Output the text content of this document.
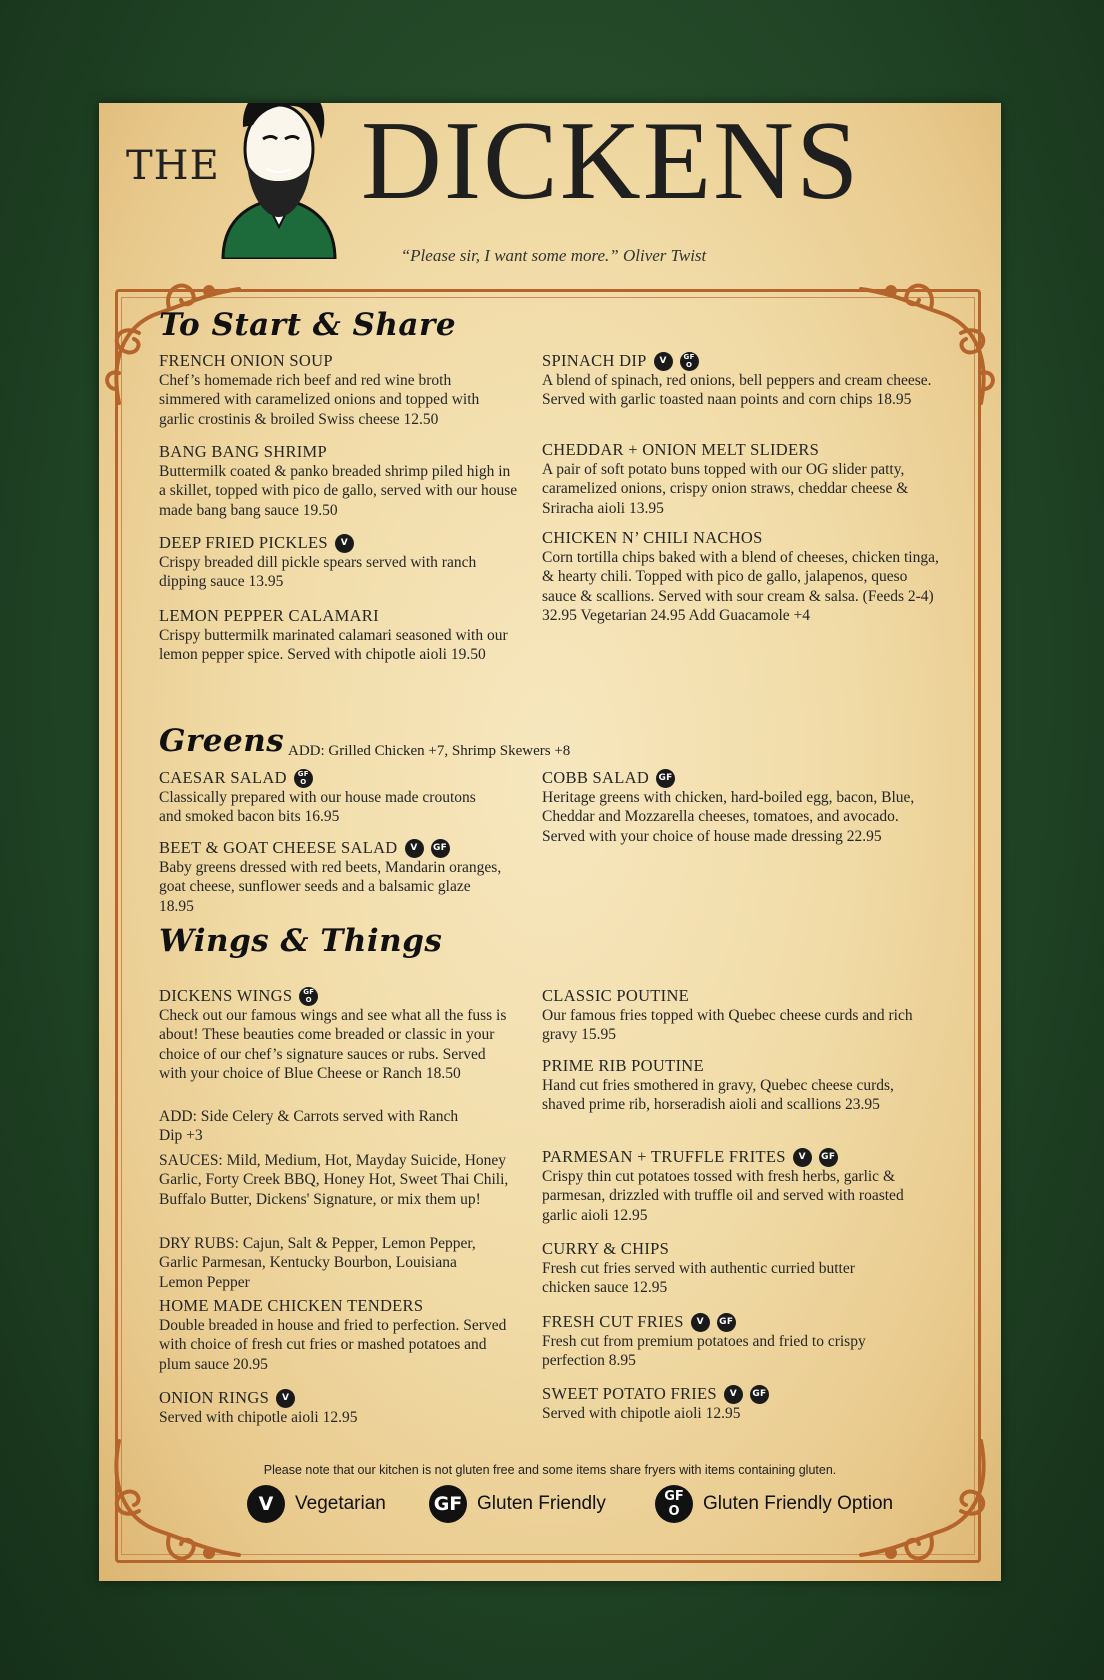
THE DICKENS
“Please sir, I want some more.” Oliver Twist
To Start & Share
FRENCH ONION SOUP
Chef’s homemade rich beef and red wine broth simmered with caramelized onions and topped with garlic crostinis & broiled Swiss cheese 12.50
BANG BANG SHRIMP
Buttermilk coated & panko breaded shrimp piled high in a skillet, topped with pico de gallo, served with our house made bang bang sauce 19.50
DEEP FRIED PICKLES	V
Crispy breaded dill pickle spears served with ranch dipping sauce 13.95
LEMON PEPPER CALAMARI
Crispy buttermilk marinated calamari seasoned with our lemon pepper spice. Served with chipotle aioli 19.50
SPINACH DIP	V	GF
O
A blend of spinach, red onions, bell peppers and cream cheese. Served with garlic toasted naan points and corn chips 18.95
CHEDDAR + ONION MELT SLIDERS
A pair of soft potato buns topped with our OG slider patty, caramelized onions, crispy onion straws, cheddar cheese & Sriracha aioli 13.95
CHICKEN N’ CHILI NACHOS
Corn tortilla chips baked with a blend of cheeses, chicken tinga, & hearty chili. Topped with pico de gallo, jalapenos, queso sauce & scallions. Served with sour cream & salsa. (Feeds 2-4) 32.95 Vegetarian 24.95 Add Guacamole +4
Greens ADD: Grilled Chicken +7, Shrimp Skewers +8
CAESAR SALAD GF
O
Classically prepared with our house made croutons and smoked bacon bits 16.95
BEET & GOAT CHEESE SALAD	V	GF
Baby greens dressed with red beets, Mandarin oranges, goat cheese, sunflower seeds and a balsamic glaze 18.95
COBB SALAD GF
Heritage greens with chicken, hard-boiled egg, bacon, Blue, Cheddar and Mozzarella cheeses, tomatoes, and avocado. Served with your choice of house made dressing 22.95
Wings & Things
DICKENS WINGS GF
O
Check out our famous wings and see what all the fuss is about! These beauties come breaded or classic in your choice of our chef’s signature sauces or rubs. Served with your choice of Blue Cheese or Ranch 18.50
ADD: Side Celery & Carrots served with Ranch Dip +3
SAUCES: Mild, Medium, Hot, Mayday Suicide, Honey Garlic, Forty Creek BBQ, Honey Hot, Sweet Thai Chili, Buffalo Butter, Dickens' Signature, or mix them up!
DRY RUBS: Cajun, Salt & Pepper, Lemon Pepper, Garlic Parmesan, Kentucky Bourbon, Louisiana Lemon Pepper
HOME MADE CHICKEN TENDERS
Double breaded in house and fried to perfection. Served with choice of fresh cut fries or mashed potatoes and plum sauce 20.95
ONION RINGS	V
Served with chipotle aioli 12.95
CLASSIC POUTINE
Our famous fries topped with Quebec cheese curds and rich gravy 15.95
PRIME RIB POUTINE
Hand cut fries smothered in gravy, Quebec cheese curds, shaved prime rib, horseradish aioli and scallions 23.95
PARMESAN + TRUFFLE FRITES	V	GF
Crispy thin cut potatoes tossed with fresh herbs, garlic & parmesan, drizzled with truffle oil and served with roasted garlic aioli 12.95
CURRY & CHIPS
Fresh cut fries served with authentic curried butter chicken sauce 12.95
FRESH CUT FRIES	V	GF
Fresh cut from premium potatoes and fried to crispy perfection 8.95
SWEET POTATO FRIES	V	GF
Served with chipotle aioli 12.95
Please note that our kitchen is not gluten free and some items share fryers with items containing gluten.
V	Vegetarian	GF Gluten Friendly	GF
O Gluten Friendly Option
